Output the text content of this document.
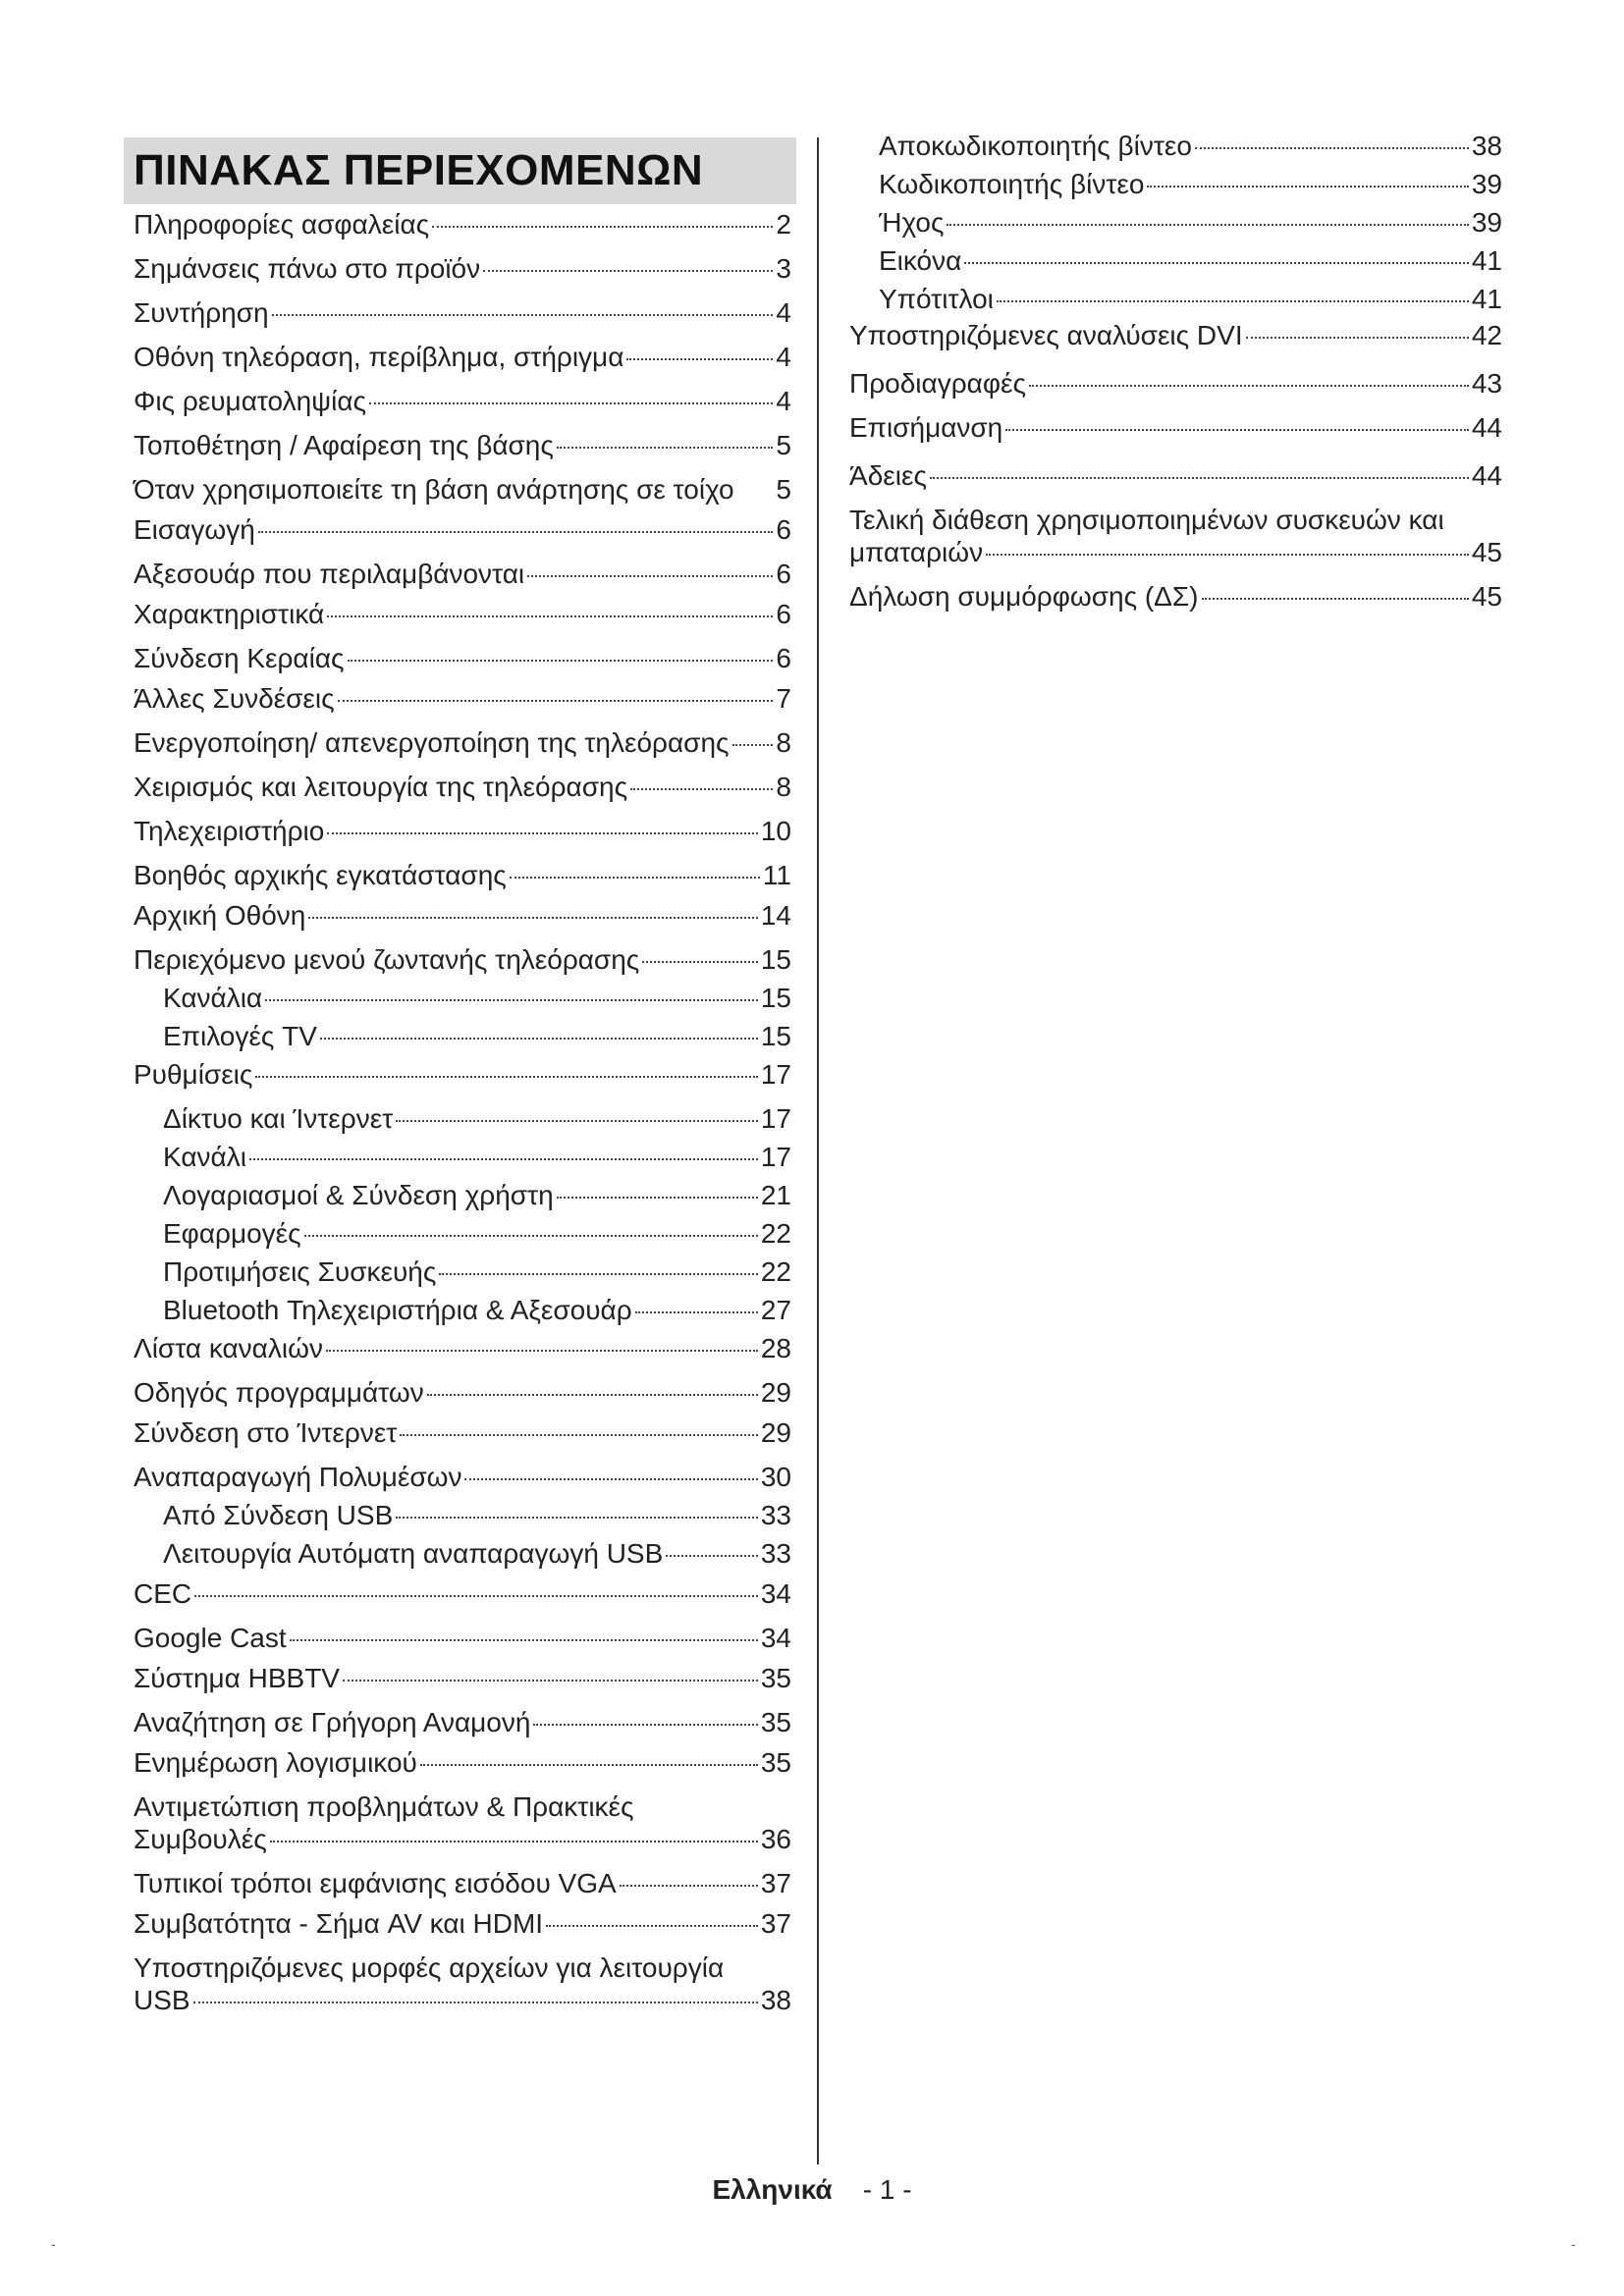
ΠΙΝΑΚΑΣ ΠΕΡΙΕΧΟΜΕΝΩΝ
Πληροφορίες ασφαλείας	2
Σημάνσεις πάνω στο προϊόν	3
Συντήρηση	4
Οθόνη τηλεόραση, περίβλημα, στήριγμα	4
Φις ρευματοληψίας	4
Τοποθέτηση / Αφαίρεση της βάσης	5
Όταν χρησιμοποιείτε τη βάση ανάρτησης σε τοίχο 5
Εισαγωγή	6
Αξεσουάρ που περιλαμβάνονται	6
Χαρακτηριστικά	6
Σύνδεση Κεραίας	6
Άλλες Συνδέσεις	7
Ενεργοποίηση/ απενεργοποίηση της τηλεόρασης 8
Χειρισμός και λειτουργία της τηλεόρασης	8
Τηλεχειριστήριο	10
Βοηθός αρχικής εγκατάστασης	11
Αρχική Οθόνη	14
Περιεχόμενο μενού ζωντανής τηλεόρασης	15
Κανάλια	15
Επιλογές TV	15
Ρυθμίσεις	17
Δίκτυο και Ίντερνετ	17
Κανάλι	17
Λογαριασμοί & Σύνδεση χρήστη	21
Εφαρμογές	22
Προτιμήσεις Συσκευής	22
Bluetooth Τηλεχειριστήρια & Αξεσουάρ	27
Λίστα καναλιών	28
Οδηγός προγραμμάτων	29
Σύνδεση στο Ίντερνετ	29
Αναπαραγωγή Πολυμέσων	30
Από Σύνδεση USB	33
Λειτουργία Αυτόματη αναπαραγωγή USB	33
CEC	34
Google Cast	34
Σύστημα HBBTV	35
Αναζήτηση σε Γρήγορη Αναμονή	35
Ενημέρωση λογισμικού	35
Αντιμετώπιση προβλημάτων & Πρακτικές
Συμβουλές	36
Τυπικοί τρόποι εμφάνισης εισόδου VGA	37
Συμβατότητα - Σήμα AV και HDMI	37
Υποστηριζόμενες μορφές αρχείων για λειτουργία
USB	38
Αποκωδικοποιητής βίντεο	38
Κωδικοποιητής βίντεο	39
Ήχος	39
Εικόνα	41
Υπότιτλοι	41
Υποστηριζόμενες αναλύσεις DVI	42
Προδιαγραφές	43
Επισήμανση	44
Άδειες	44
Τελική διάθεση χρησιμοποιημένων συσκευών και
μπαταριών	45
Δήλωση συμμόρφωσης (ΔΣ)	45
Ελληνικά - 1 -
-	-
